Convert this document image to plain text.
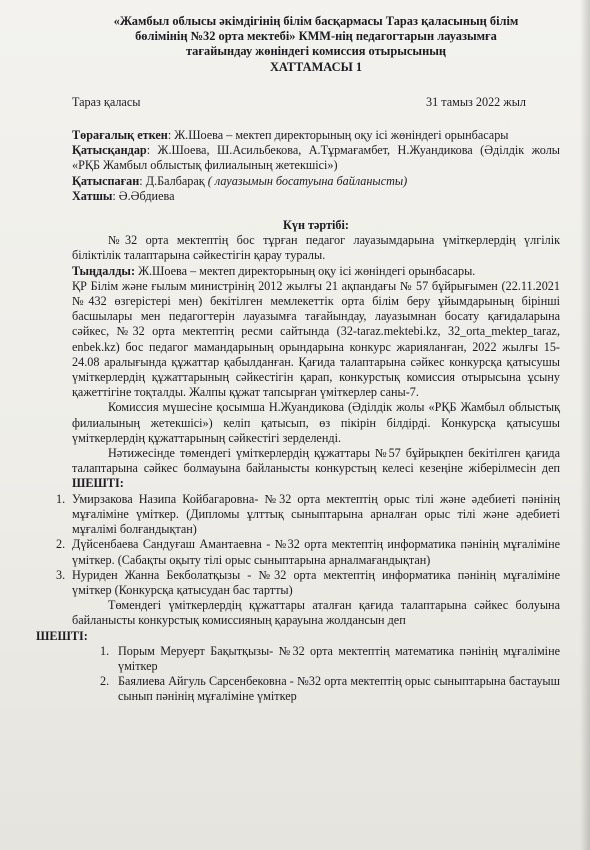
«Жамбыл облысы әкімдігінің білім басқармасы Тараз қаласының білім
бөлімінің №32 орта мектебі» КММ-нің педагогтарын лауазымға
тағайындау жөніндегі комиссия отырысының
ХАТТАМАСЫ 1
Тараз қаласы	31 тамыз 2022 жыл

Төрағалық еткен: Ж.Шоева – мектеп директорының оқу ісі жөніндегі орынбасары

Қатысқандар: Ж.Шоева, Ш.Асильбекова, А.Тұрмағамбет, Н.Жуандикова (Әділдік жолы «РҚБ Жамбыл облыстық филиалының жетекшісі»)

Қатыспаған: Д.Балбарақ ( лауазымын босатуына байланысты)

Хатшы: Ә.Әбдиева

Күн тәртібі:

№32 орта мектептің бос тұрған педагог лауазымдарына үміткерлердің үлгілік біліктілік талаптарына сәйкестігін қарау туралы.

Тыңдалды: Ж.Шоева – мектеп директорының оқу ісі жөніндегі орынбасары.

ҚР Білім және ғылым министрінің 2012 жылғы 21 ақпандағы № 57 бұйрығымен (22.11.2021 №432 өзгерістері мен) бекітілген мемлекеттік орта білім беру ұйымдарының бірінші басшылары мен педагогтерін лауазымға тағайындау, лауазымнан босату қағидаларына сәйкес, №32 орта мектептің ресми сайтында (32-taraz.mektebi.kz, 32_orta_mektep_taraz, enbek.kz) бос педагог мамандарының орындарына конкурс жарияланған, 2022 жылғы 15-24.08 аралығында құжаттар қабылданған. Қағида талаптарына сәйкес конкурсқа қатысушы үміткерлердің құжаттарының сәйкестігін қарап, конкурстық комиссия отырысына ұсыну қажеттігіне тоқталды. Жалпы құжат тапсырған үміткерлер саны-7.

Комиссия мүшесіне қосымша Н.Жуандикова (Әділдік жолы «РҚБ Жамбыл облыстық филиалының жетекшісі») келіп қатысып, өз пікірін білдірді. Конкурсқа қатысушы үміткерлердің құжаттарының сәйкестігі зерделенді.

Нәтижесінде төмендегі үміткерлердің құжаттары №57 бұйрықпен бекітілген қағида талаптарына сәйкес болмауына байланысты конкурстың келесі кезеңіне жіберілмесін деп ШЕШТІ:

1. Умирзакова Назипа Койбагаровна- №32 орта мектептің орыс тілі және әдебиеті пәнінің мұғаліміне үміткер. (Дипломы ұлттық сыныптарына арналған орыс тілі және әдебиеті мұғалімі болғандықтан)
2. Дүйсенбаева Сандуғаш Амантаевна - №32 орта мектептің информатика пәнінің мұғаліміне үміткер. (Сабақты оқыту тілі орыс сыныптарына арналмағандықтан)
3. Нуриден Жанна Бекболатқызы - №32 орта мектептің информатика пәнінің мұғаліміне үміткер (Конкурсқа қатысудан бас тартты)

Төмендегі үміткерлердің құжаттары аталған қағида талаптарына сәйкес болуына байланысты конкурстық комиссияның қарауына жолдансын деп
ШЕШТІ:

1. Порым Меруерт Бақытқызы- №32 орта мектептің математика пәнінің мұғаліміне үміткер
2. Баялиева Айгуль Сарсенбековна - №32 орта мектептің орыс сыныптарына бастауыш сынып пәнінің мұғаліміне үміткер
